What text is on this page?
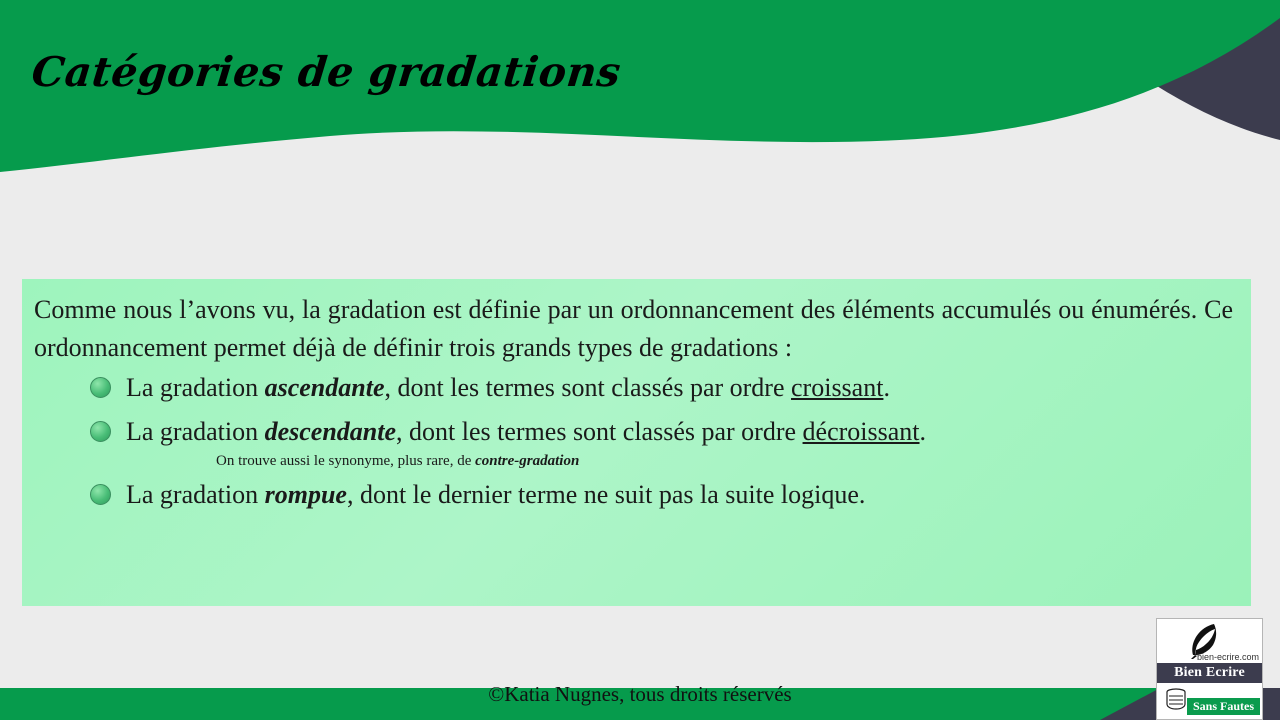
Catégories de gradations

Comme nous l’avons vu, la gradation est définie par un ordonnancement des éléments accumulés ou énumérés. Ce ordonnancement permet déjà de définir trois grands types de gradations :

La gradation ascendante, dont les termes sont classés par ordre croissant.
La gradation descendante, dont les termes sont classés par ordre décroissant.
On trouve aussi le synonyme, plus rare, de contre-gradation
La gradation rompue, dont le dernier terme ne suit pas la suite logique.
©Katia Nugnes, tous droits réservés
bien-ecrire.com
Bien Ecrire
Sans Fautes
